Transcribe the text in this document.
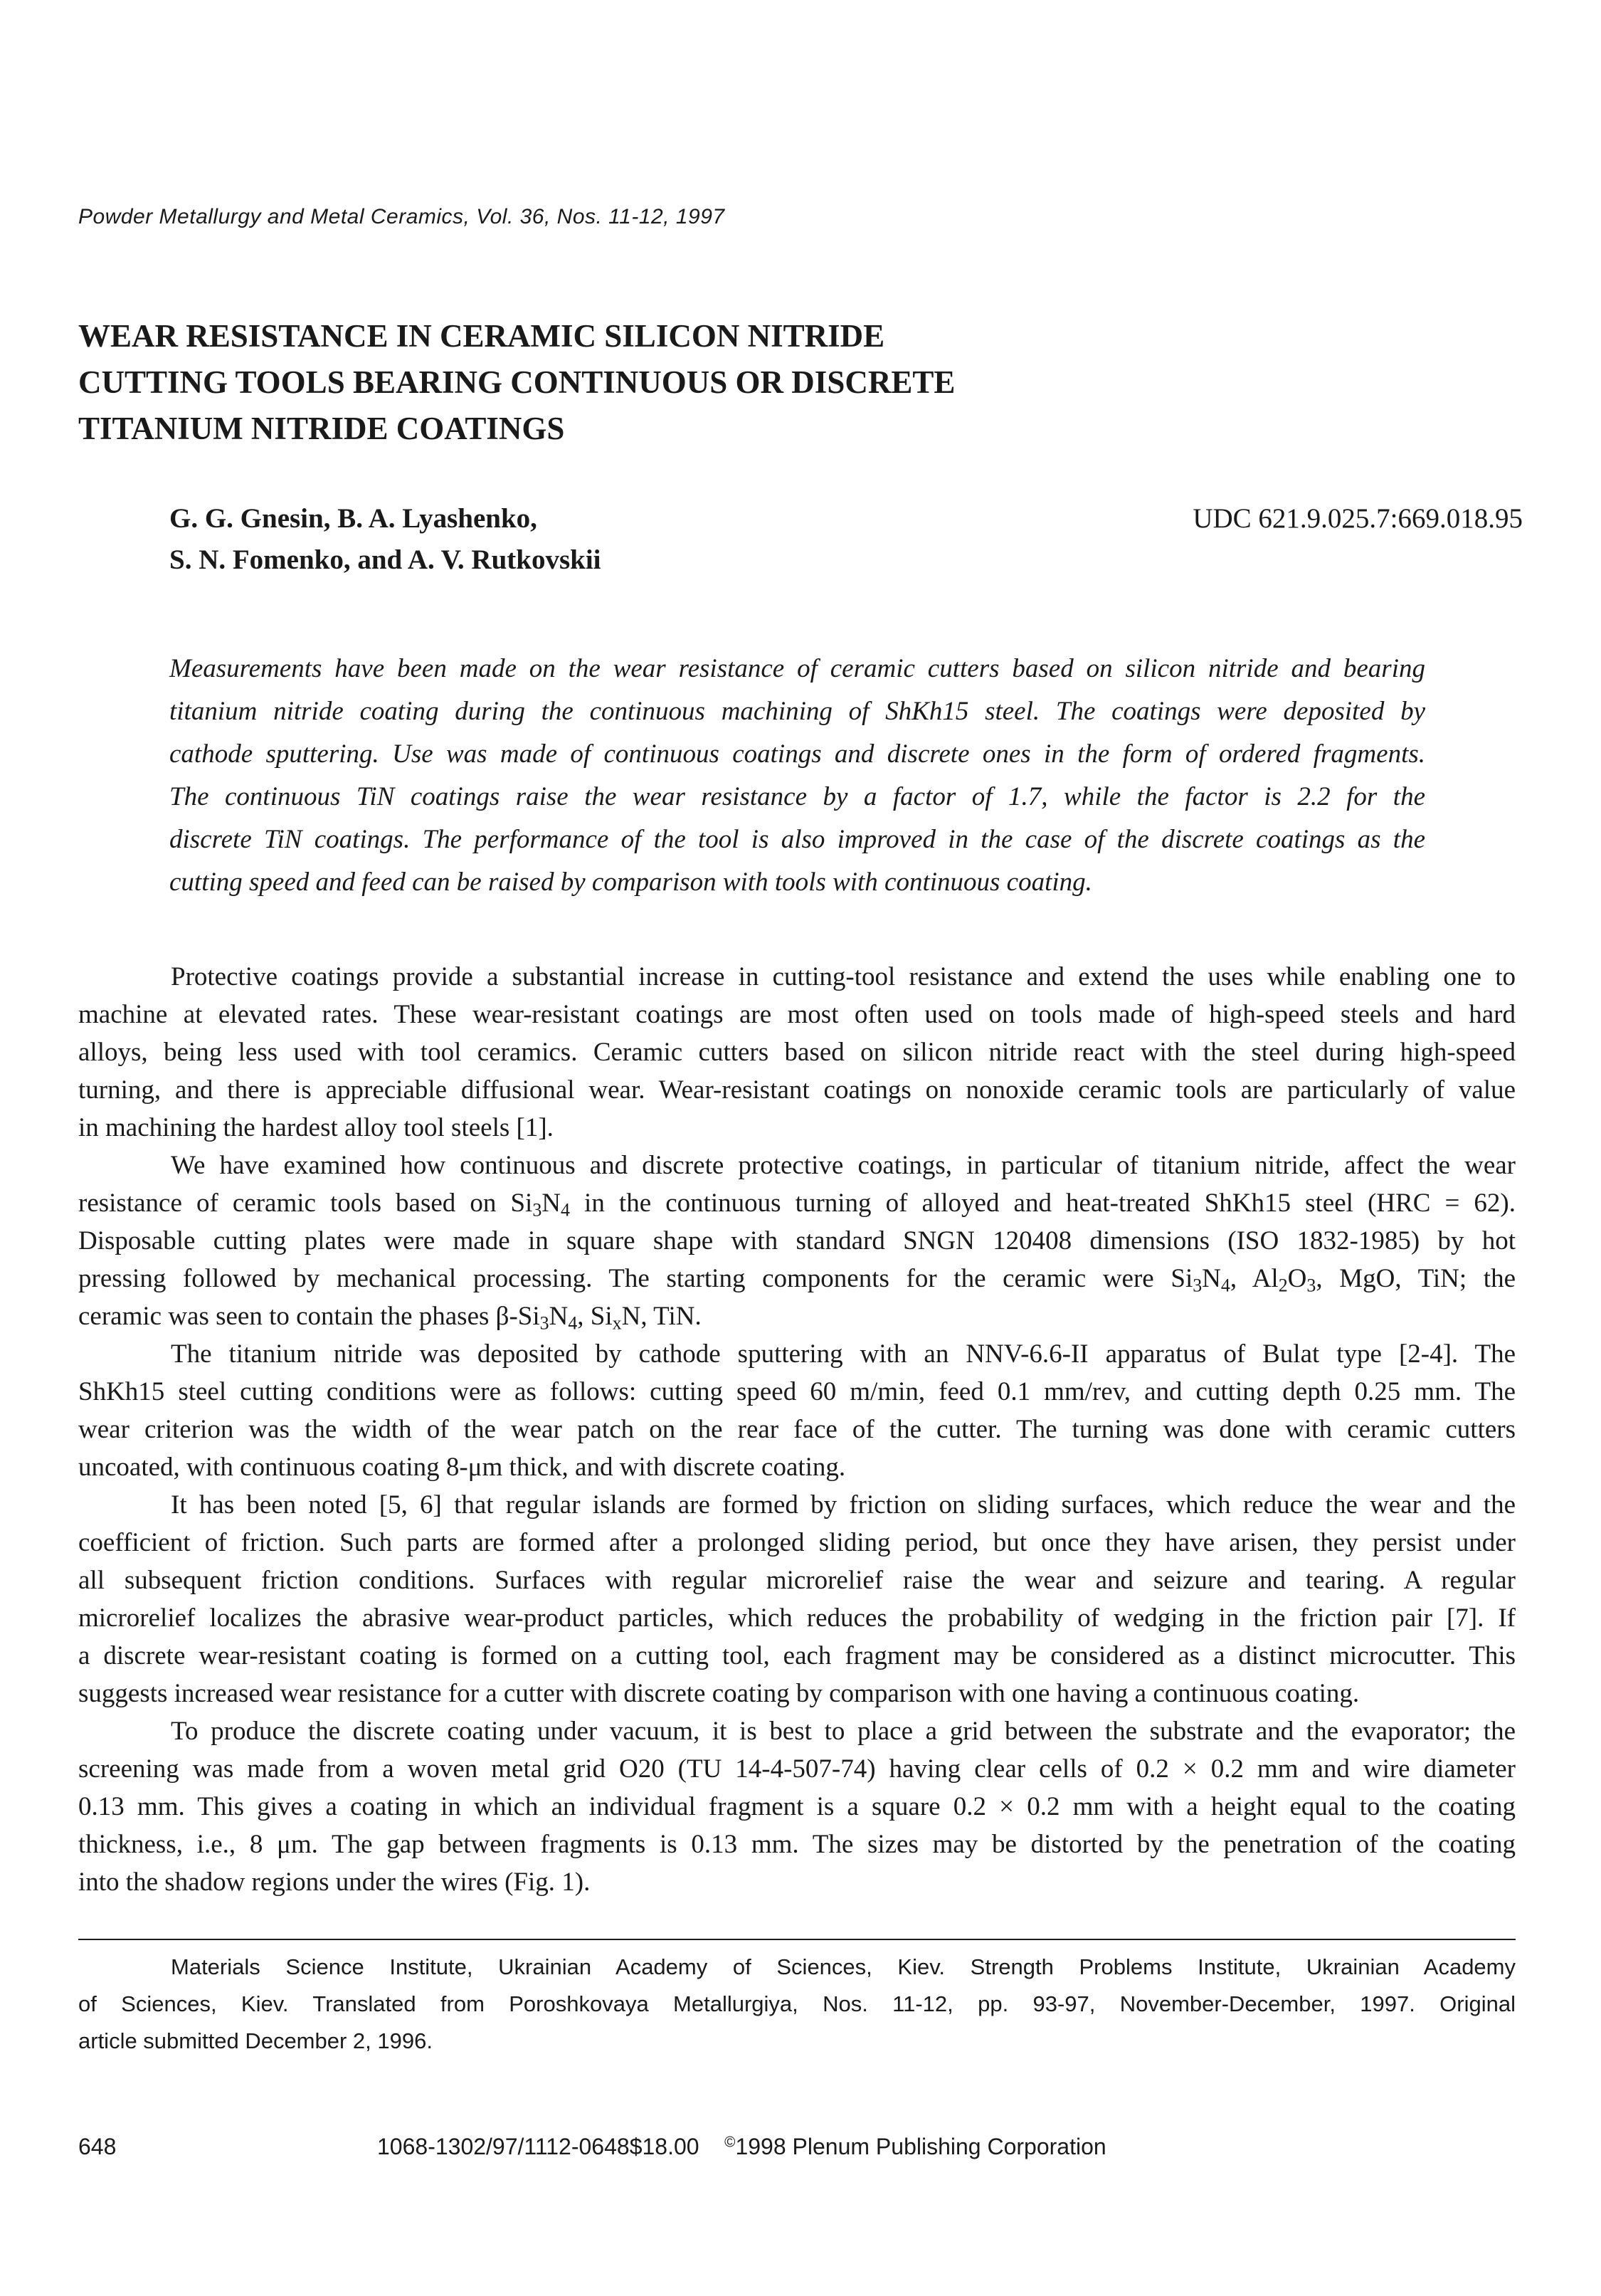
Powder Metallurgy and Metal Ceramics, Vol. 36, Nos. 11-12, 1997
WEAR RESISTANCE IN CERAMIC SILICON NITRIDE
CUTTING TOOLS BEARING CONTINUOUS OR DISCRETE
TITANIUM NITRIDE COATINGS
G. G. Gnesin, B. A. Lyashenko,
S. N. Fomenko, and A. V. Rutkovskii
UDC 621.9.025.7:669.018.95
Measurements have been made on the wear resistance of ceramic cutters based on silicon nitride and bearing
titanium nitride coating during the continuous machining of ShKh15 steel. The coatings were deposited by
cathode sputtering. Use was made of continuous coatings and discrete ones in the form of ordered fragments.
The continuous TiN coatings raise the wear resistance by a factor of 1.7, while the factor is 2.2 for the
discrete TiN coatings. The performance of the tool is also improved in the case of the discrete coatings as the
cutting speed and feed can be raised by comparison with tools with continuous coating.
Protective coatings provide a substantial increase in cutting-tool resistance and extend the uses while enabling one to
machine at elevated rates. These wear-resistant coatings are most often used on tools made of high-speed steels and hard
alloys, being less used with tool ceramics. Ceramic cutters based on silicon nitride react with the steel during high-speed
turning, and there is appreciable diffusional wear. Wear-resistant coatings on nonoxide ceramic tools are particularly of value
in machining the hardest alloy tool steels [1].
We have examined how continuous and discrete protective coatings, in particular of titanium nitride, affect the wear
resistance of ceramic tools based on $Si_3N_4$ in the continuous turning of alloyed and heat-treated ShKh15 steel (HRC = 62).
Disposable cutting plates were made in square shape with standard SNGN 120408 dimensions (ISO 1832-1985) by hot
pressing followed by mechanical processing. The starting components for the ceramic were $Si_3N_4$, $Al_2O_3$, MgO, TiN; the
ceramic was seen to contain the phases $\beta-Si_3N_4$, $Si_xN$, TiN.
The titanium nitride was deposited by cathode sputtering with an NNV-6.6-II apparatus of Bulat type [2-4]. The
ShKh15 steel cutting conditions were as follows: cutting speed 60 m/min, feed 0.1 mm/rev, and cutting depth 0.25 mm. The
wear criterion was the width of the wear patch on the rear face of the cutter. The turning was done with ceramic cutters
uncoated, with continuous coating 8-μm thick, and with discrete coating.
It has been noted [5, 6] that regular islands are formed by friction on sliding surfaces, which reduce the wear and the
coefficient of friction. Such parts are formed after a prolonged sliding period, but once they have arisen, they persist under
all subsequent friction conditions. Surfaces with regular microrelief raise the wear and seizure and tearing. A regular
microrelief localizes the abrasive wear-product particles, which reduces the probability of wedging in the friction pair [7]. If
a discrete wear-resistant coating is formed on a cutting tool, each fragment may be considered as a distinct microcutter. This
suggests increased wear resistance for a cutter with discrete coating by comparison with one having a continuous coating.
To produce the discrete coating under vacuum, it is best to place a grid between the substrate and the evaporator; the
screening was made from a woven metal grid O20 (TU 14-4-507-74) having clear cells of 0.2 × 0.2 mm and wire diameter
0.13 mm. This gives a coating in which an individual fragment is a square 0.2 × 0.2 mm with a height equal to the coating
thickness, i.e., 8 μm. The gap between fragments is 0.13 mm. The sizes may be distorted by the penetration of the coating
into the shadow regions under the wires (Fig. 1).
Materials Science Institute, Ukrainian Academy of Sciences, Kiev. Strength Problems Institute, Ukrainian Academy
of Sciences, Kiev. Translated from Poroshkovaya Metallurgiya, Nos. 11-12, pp. 93-97, November-December, 1997. Original
article submitted December 2, 1996.
648	1068-1302/97/1112-0648$18.00 ©1998 Plenum Publishing Corporation
